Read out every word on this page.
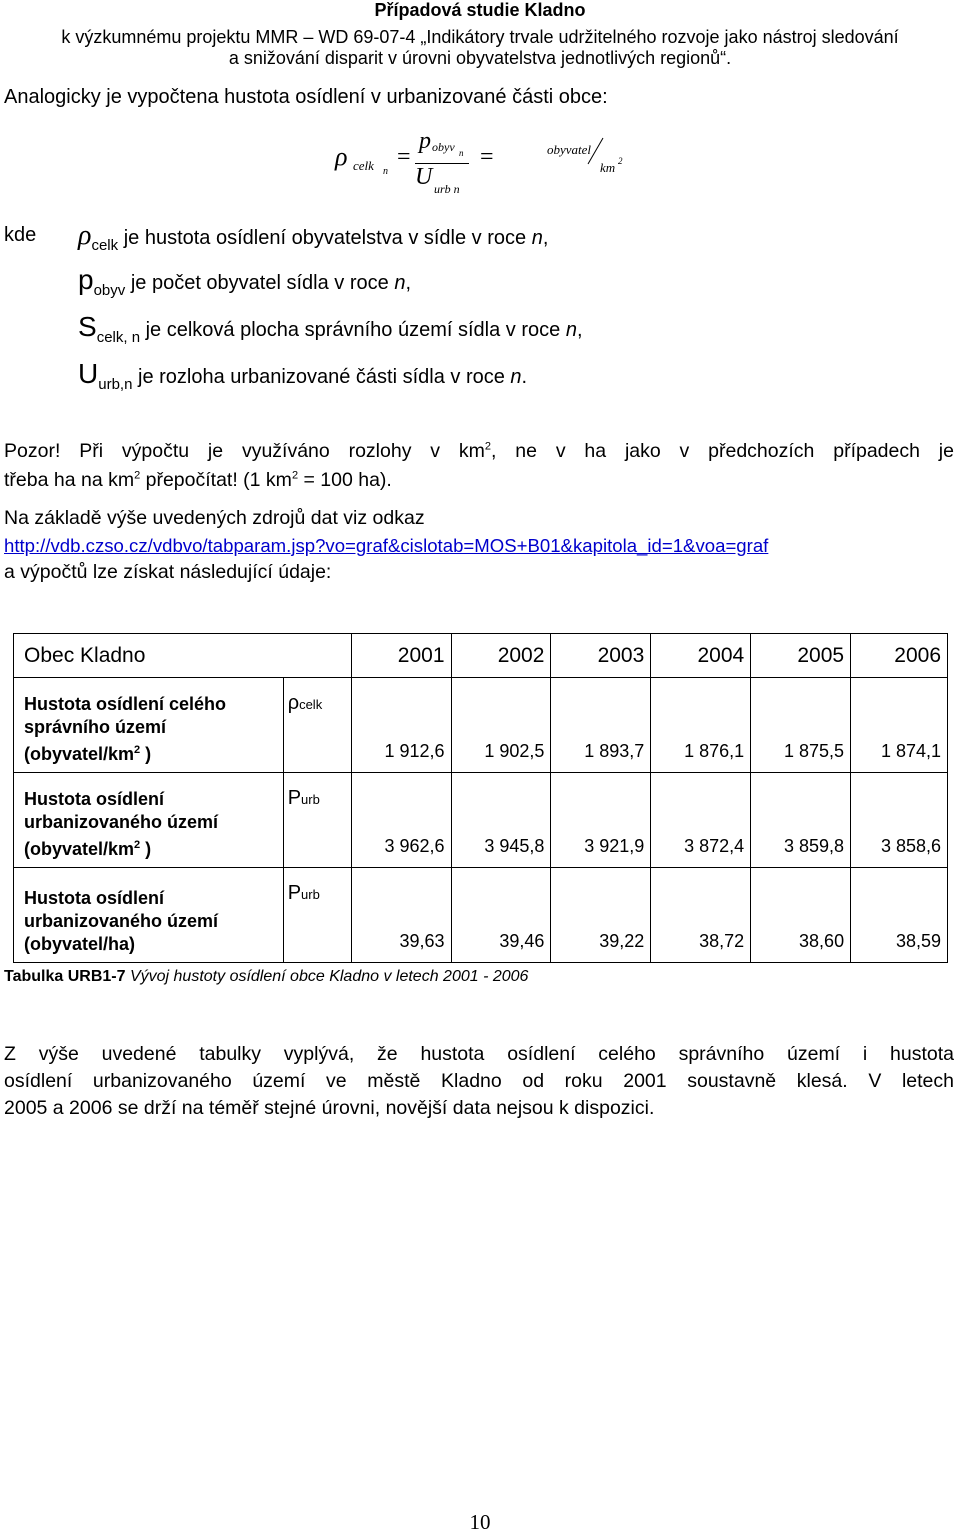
Případová studie Kladno
k výzkumnému projektu MMR – WD 69-07-4 „Indikátory trvale udržitelného rozvoje jako nástroj sledování
a snižování disparit v úrovni obyvatelstva jednotlivých regionů“.
Analogicky je vypočtena hustota osídlení v urbanizované části obce:
ρ celk n
=
p obyv n
U urb n
=	obyvatel
km 2
kde $\rho_{celk}$ je hustota osídlení obyvatelstva v sídle v roce n,
$p_{obyv}$ je počet obyvatel sídla v roce n,
$S_{celk, n}$ je celková plocha správního území sídla v roce n,
$U_{urb,n}$ je rozloha urbanizované části sídla v roce n.
Pozor! Při výpočtu je využíváno rozlohy v $km^2$, ne v ha jako v předchozích případech je
třeba ha na $km^2$ přepočítat! (1 $km^2 = 100$ ha).
Na základě výše uvedených zdrojů dat viz odkaz
http://vdb.czso.cz/vdbvo/tabparam.jsp?vo=graf&cislotab=MOS+B01&kapitola_id=1&voa=graf
a výpočtů lze získat následující údaje:
Obec Kladno		2001	2002	2003	2004	2005	2006

Hustota osídlení celého
správního území
($obyvatel/km^2$ )	ρcelk	1 912,6	1 902,5	1 893,7	1 876,1	1 875,5	1 874,1

Hustota osídlení
urbanizovaného území
($obyvatel/km^2$ )	Purb	3 962,6	3 945,8	3 921,9	3 872,4	3 859,8	3 858,6

Hustota osídlení
urbanizovaného území
(obyvatel/ha)	Purb	39,63	39,46	39,22	38,72	38,60	38,59
Tabulka URB1-7 Vývoj hustoty osídlení obce Kladno v letech 2001 - 2006
Z výše uvedené tabulky vyplývá, že hustota osídlení celého správního území i hustota
osídlení urbanizovaného území ve městě Kladno od roku 2001 soustavně klesá. V letech
2005 a 2006 se drží na téměř stejné úrovni, novější data nejsou k dispozici.
10
